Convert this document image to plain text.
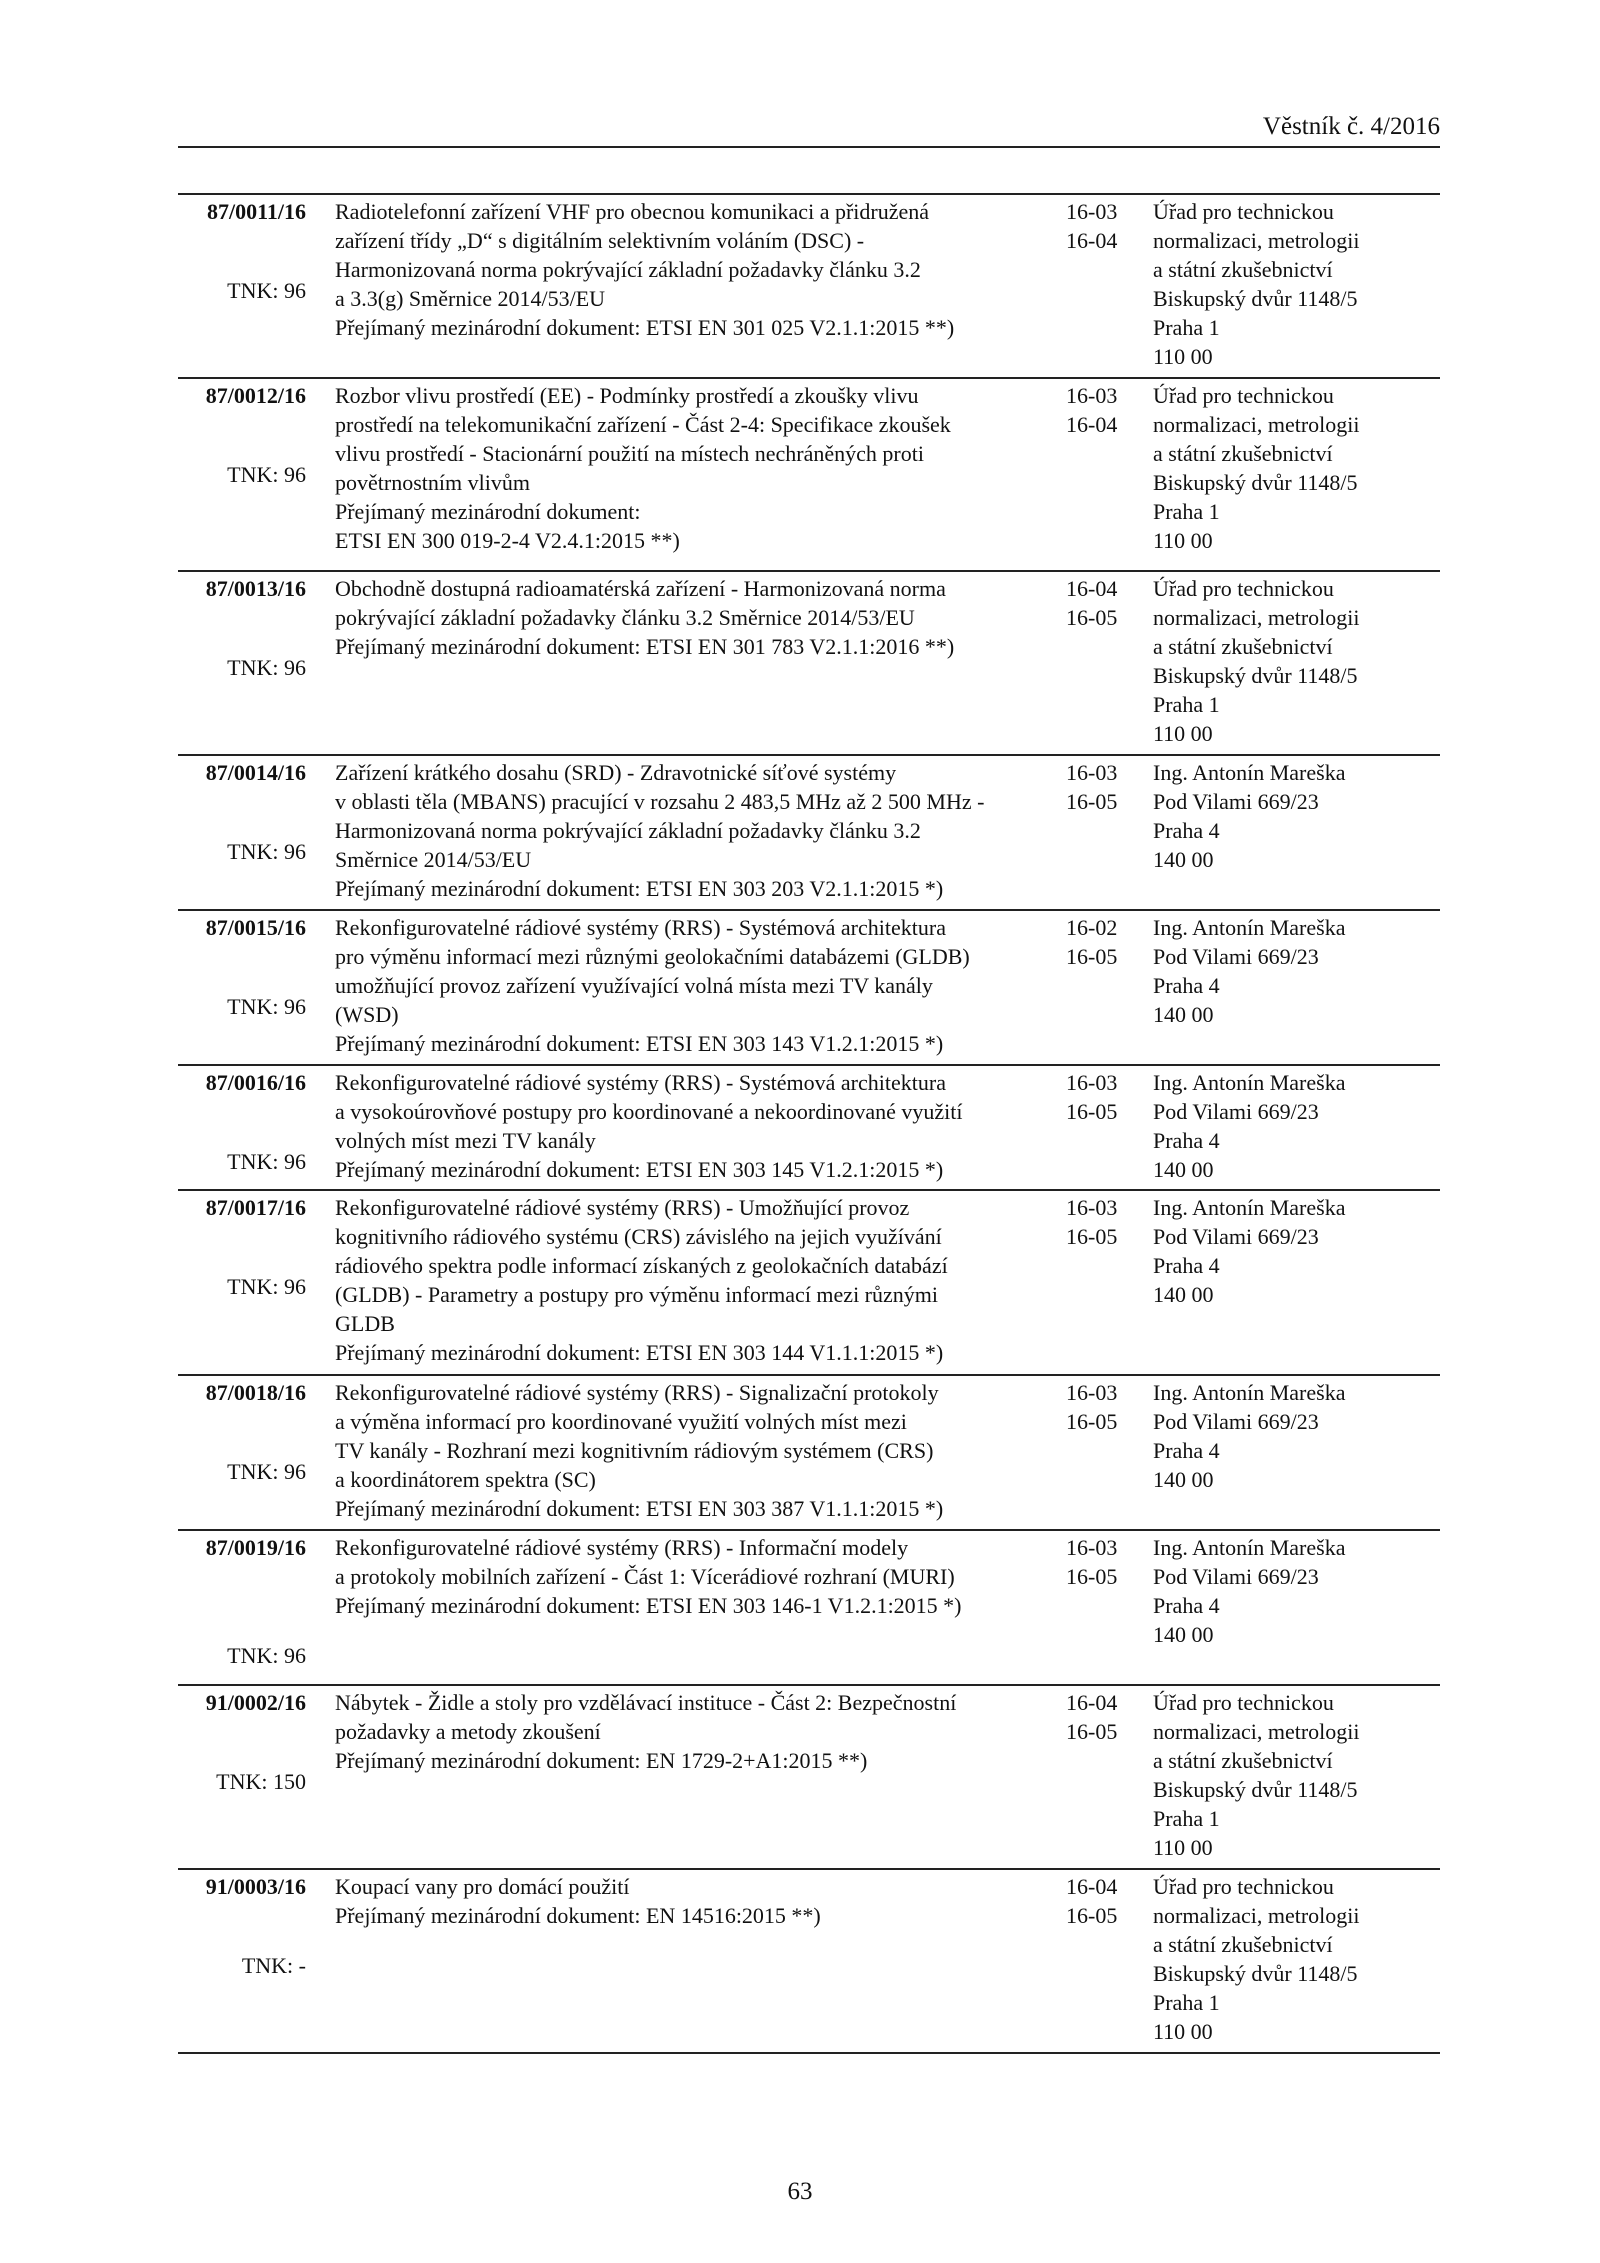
Věstník č. 4/2016
87/0011/16
TNK: 96
Radiotelefonní zařízení VHF pro obecnou komunikaci a přidružená
zařízení třídy „D“ s digitálním selektivním voláním (DSC) -
Harmonizovaná norma pokrývající základní požadavky článku 3.2
a 3.3(g) Směrnice 2014/53/EU
Přejímaný mezinárodní dokument: ETSI EN 301 025 V2.1.1:2015 **)
16-03
16-04
Úřad pro technickou
normalizaci, metrologii
a státní zkušebnictví
Biskupský dvůr 1148/5
Praha 1
110 00
87/0012/16
TNK: 96
Rozbor vlivu prostředí (EE) - Podmínky prostředí a zkoušky vlivu
prostředí na telekomunikační zařízení - Část 2-4: Specifikace zkoušek
vlivu prostředí - Stacionární použití na místech nechráněných proti
povětrnostním vlivům
Přejímaný mezinárodní dokument:
ETSI EN 300 019-2-4 V2.4.1:2015 **)
16-03
16-04
Úřad pro technickou
normalizaci, metrologii
a státní zkušebnictví
Biskupský dvůr 1148/5
Praha 1
110 00
87/0013/16
TNK: 96
Obchodně dostupná radioamatérská zařízení - Harmonizovaná norma
pokrývající základní požadavky článku 3.2 Směrnice 2014/53/EU
Přejímaný mezinárodní dokument: ETSI EN 301 783 V2.1.1:2016 **)
16-04
16-05
Úřad pro technickou
normalizaci, metrologii
a státní zkušebnictví
Biskupský dvůr 1148/5
Praha 1
110 00
87/0014/16
TNK: 96
Zařízení krátkého dosahu (SRD) - Zdravotnické síťové systémy
v oblasti těla (MBANS) pracující v rozsahu 2 483,5 MHz až 2 500 MHz -
Harmonizovaná norma pokrývající základní požadavky článku 3.2
Směrnice 2014/53/EU
Přejímaný mezinárodní dokument: ETSI EN 303 203 V2.1.1:2015 *)
16-03
16-05
Ing. Antonín Mareška
Pod Vilami 669/23
Praha 4
140 00
87/0015/16
TNK: 96
Rekonfigurovatelné rádiové systémy (RRS) - Systémová architektura
pro výměnu informací mezi různými geolokačními databázemi (GLDB)
umožňující provoz zařízení využívající volná místa mezi TV kanály
(WSD)
Přejímaný mezinárodní dokument: ETSI EN 303 143 V1.2.1:2015 *)
16-02
16-05
Ing. Antonín Mareška
Pod Vilami 669/23
Praha 4
140 00
87/0016/16
TNK: 96
Rekonfigurovatelné rádiové systémy (RRS) - Systémová architektura
a vysokoúrovňové postupy pro koordinované a nekoordinované využití
volných míst mezi TV kanály
Přejímaný mezinárodní dokument: ETSI EN 303 145 V1.2.1:2015 *)
16-03
16-05
Ing. Antonín Mareška
Pod Vilami 669/23
Praha 4
140 00
87/0017/16
TNK: 96
Rekonfigurovatelné rádiové systémy (RRS) - Umožňující provoz
kognitivního rádiového systému (CRS) závislého na jejich využívání
rádiového spektra podle informací získaných z geolokačních databází
(GLDB) - Parametry a postupy pro výměnu informací mezi různými
GLDB
Přejímaný mezinárodní dokument: ETSI EN 303 144 V1.1.1:2015 *)
16-03
16-05
Ing. Antonín Mareška
Pod Vilami 669/23
Praha 4
140 00
87/0018/16
TNK: 96
Rekonfigurovatelné rádiové systémy (RRS) - Signalizační protokoly
a výměna informací pro koordinované využití volných míst mezi
TV kanály - Rozhraní mezi kognitivním rádiovým systémem (CRS)
a koordinátorem spektra (SC)
Přejímaný mezinárodní dokument: ETSI EN 303 387 V1.1.1:2015 *)
16-03
16-05
Ing. Antonín Mareška
Pod Vilami 669/23
Praha 4
140 00
87/0019/16
TNK: 96
Rekonfigurovatelné rádiové systémy (RRS) - Informační modely
a protokoly mobilních zařízení - Část 1: Vícerádiové rozhraní (MURI)
Přejímaný mezinárodní dokument: ETSI EN 303 146-1 V1.2.1:2015 *)
16-03
16-05
Ing. Antonín Mareška
Pod Vilami 669/23
Praha 4
140 00
91/0002/16
TNK: 150
Nábytek - Židle a stoly pro vzdělávací instituce - Část 2: Bezpečnostní
požadavky a metody zkoušení
Přejímaný mezinárodní dokument: EN 1729-2+A1:2015 **)
16-04
16-05
Úřad pro technickou
normalizaci, metrologii
a státní zkušebnictví
Biskupský dvůr 1148/5
Praha 1
110 00
91/0003/16
TNK: -
Koupací vany pro domácí použití
Přejímaný mezinárodní dokument: EN 14516:2015 **)
16-04
16-05
Úřad pro technickou
normalizaci, metrologii
a státní zkušebnictví
Biskupský dvůr 1148/5
Praha 1
110 00
63
